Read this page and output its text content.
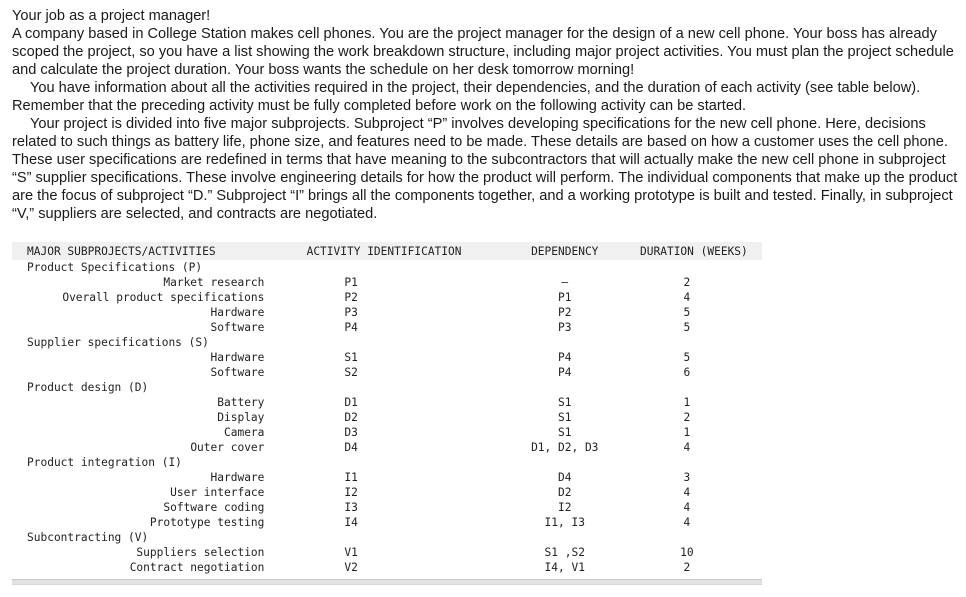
Your job as a project manager!

A company based in College Station makes cell phones. You are the project manager for the design of a new cell phone. Your boss has already scoped the project, so you have a list showing the work breakdown structure, including major project activities. You must plan the project schedule and calculate the project duration. Your boss wants the schedule on her desk tomorrow morning!

You have information about all the activities required in the project, their dependencies, and the duration of each activity (see table below). Remember that the preceding activity must be fully completed before work on the following activity can be started.

Your project is divided into five major subprojects. Subproject “P” involves developing specifications for the new cell phone. Here, decisions related to such things as battery life, phone size, and features need to be made. These details are based on how a customer uses the cell phone. These user specifications are redefined in terms that have meaning to the subcontractors that will actually make the new cell phone in subproject “S” supplier specifications. These involve engineering details for how the product will perform. The individual components that make up the product are the focus of subproject “D.” Subproject “I” brings all the components together, and a working prototype is built and tested. Finally, in subproject “V,” suppliers are selected, and contracts are negotiated.

MAJOR SUBPROJECTS/ACTIVITIES	ACTIVITY IDENTIFICATION	DEPENDENCY	DURATION (WEEKS)
Product Specifications (P)			
Market research	P1	—	2
Overall product specifications	P2	P1	4
Hardware	P3	P2	5
Software	P4	P3	5
Supplier specifications (S)			
Hardware	S1	P4	5
Software	S2	P4	6
Product design (D)			
Battery	D1	S1	1
Display	D2	S1	2
Camera	D3	S1	1
Outer cover	D4	D1, D2, D3	4
Product integration (I)			
Hardware	I1	D4	3
User interface	I2	D2	4
Software coding	I3	I2	4
Prototype testing	I4	I1, I3	4
Subcontracting (V)			
Suppliers selection	V1	S1 ,S2	10
Contract negotiation	V2	I4, V1	2
